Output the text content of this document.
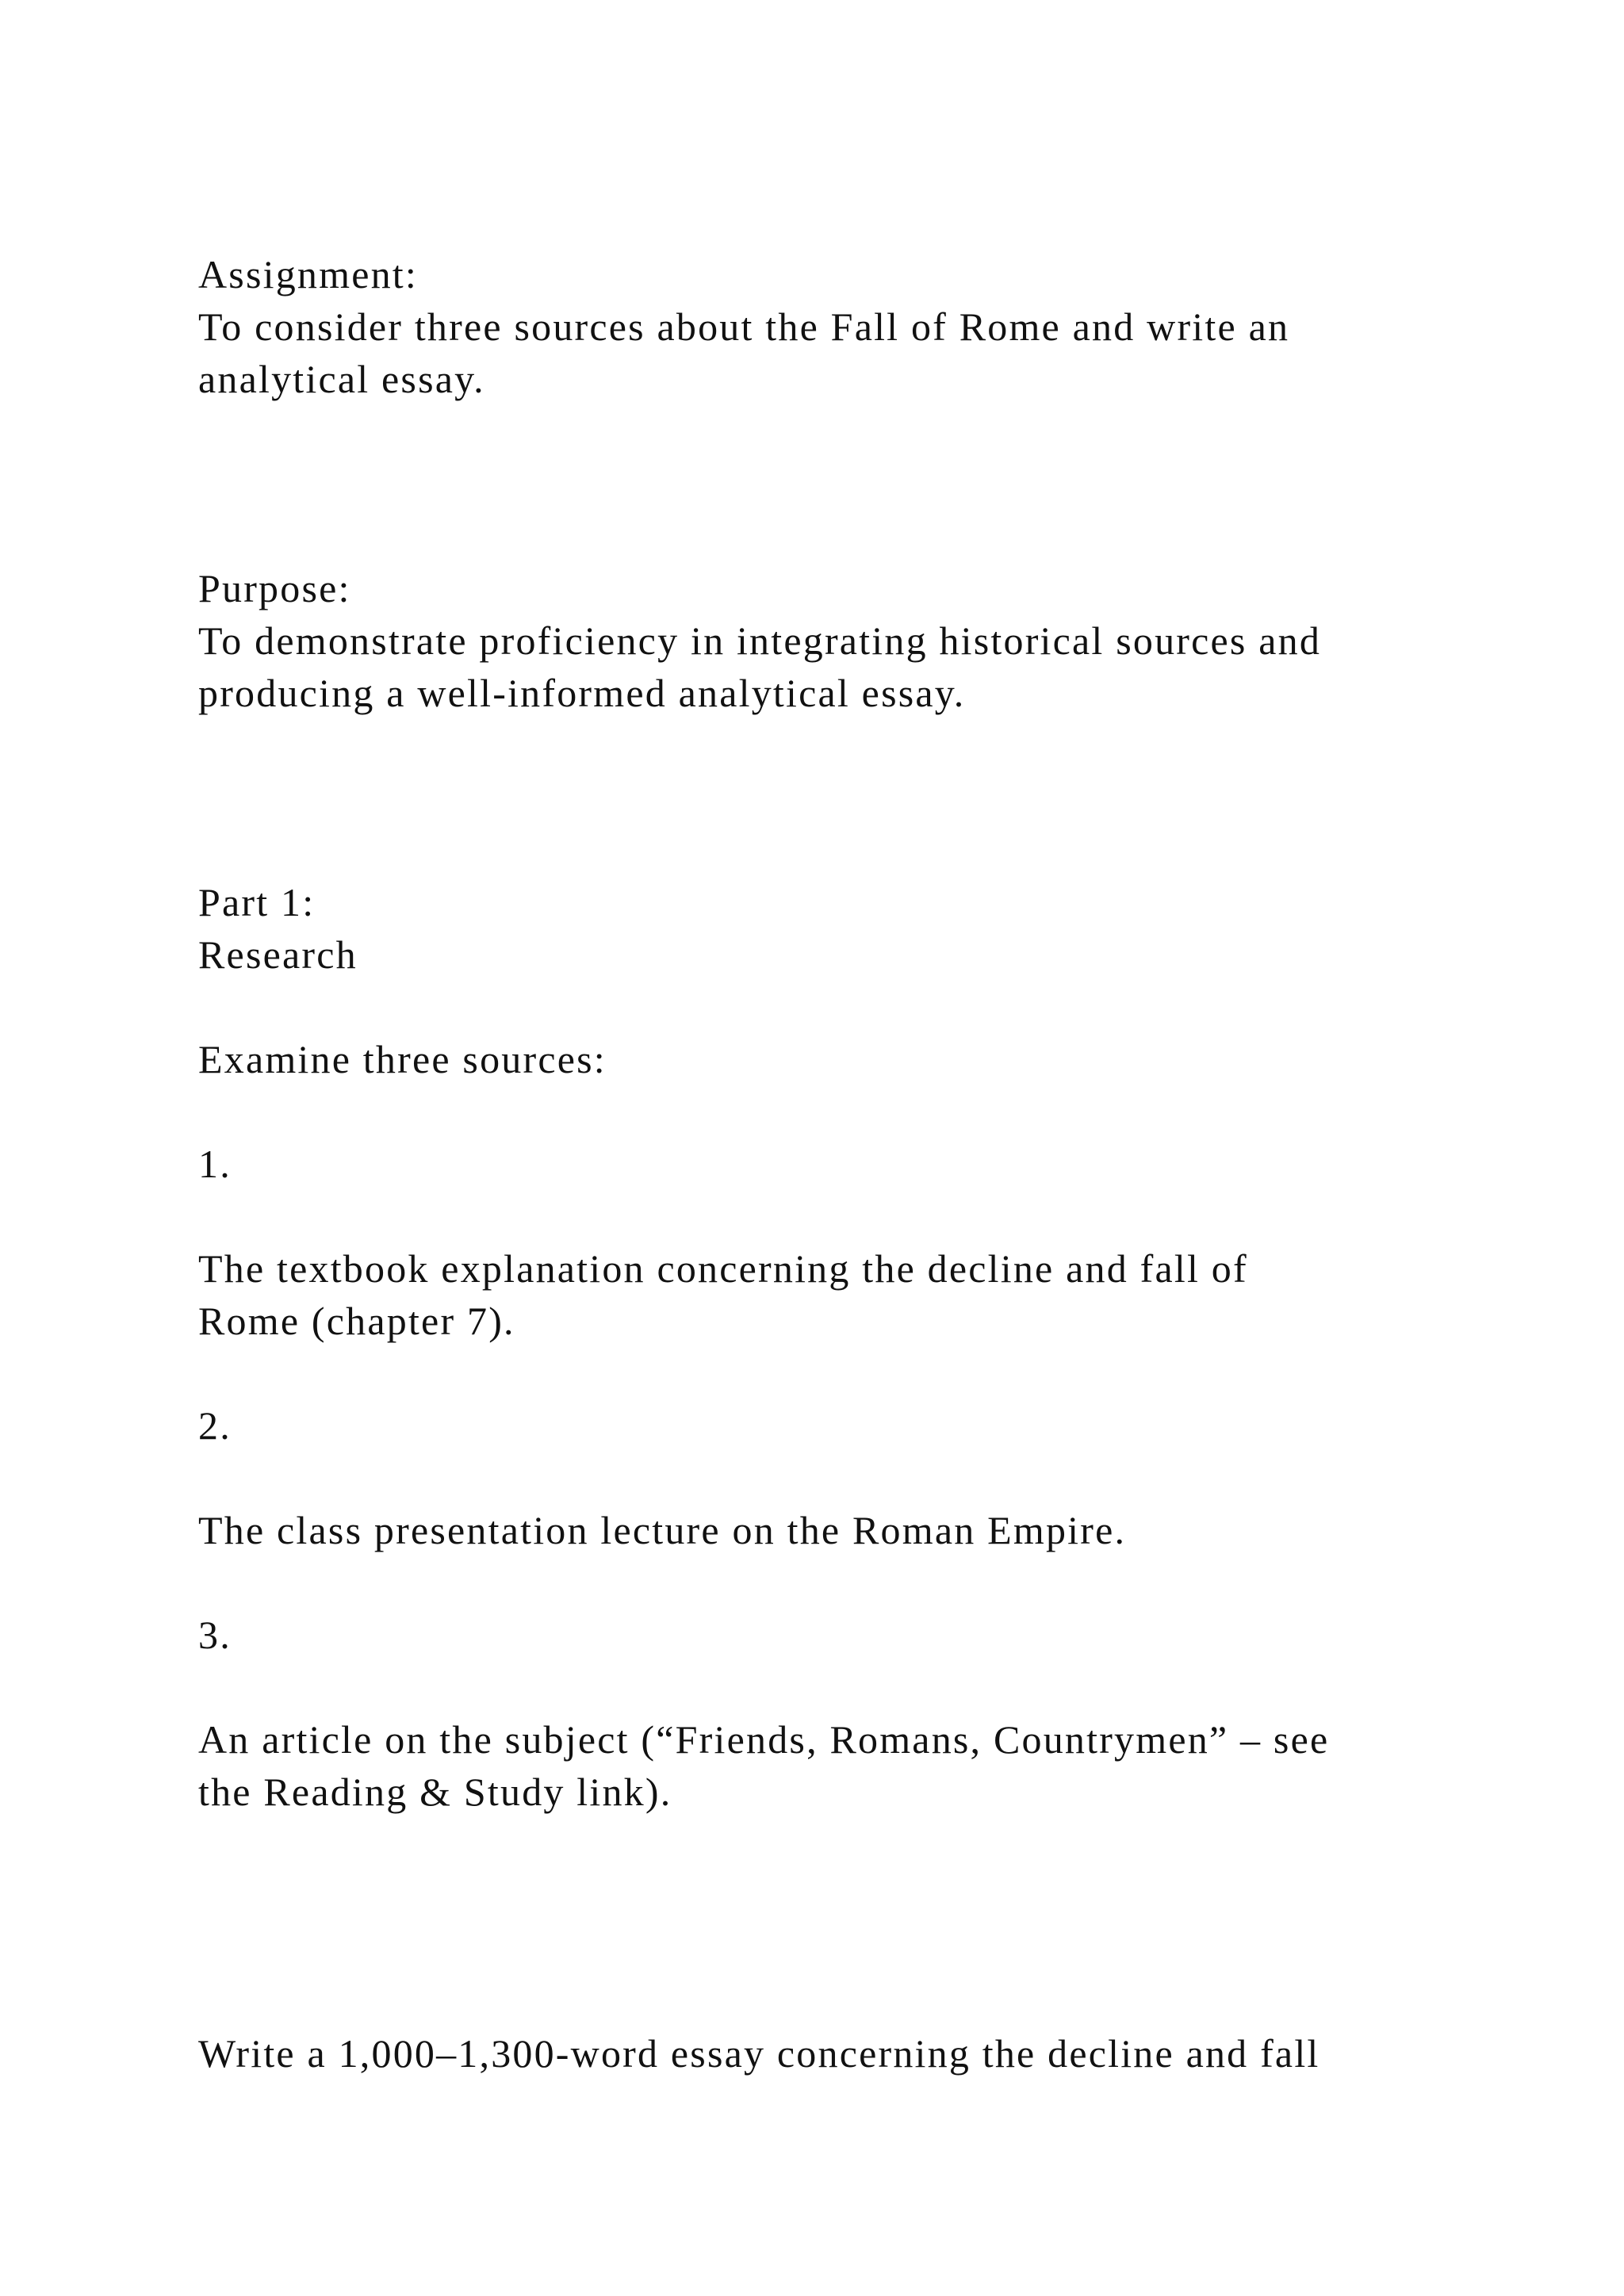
Assignment:

To consider three sources about the Fall of Rome and write an

analytical essay.

Purpose:

To demonstrate proficiency in integrating historical sources and

producing a well-informed analytical essay.

Part 1:

Research

Examine three sources:

1.

The textbook explanation concerning the decline and fall of

Rome (chapter 7).

2.

The class presentation lecture on the Roman Empire.

3.

An article on the subject (“Friends, Romans, Countrymen” – see

the Reading & Study link).

Write a 1,000–1,300-word essay concerning the decline and fall
